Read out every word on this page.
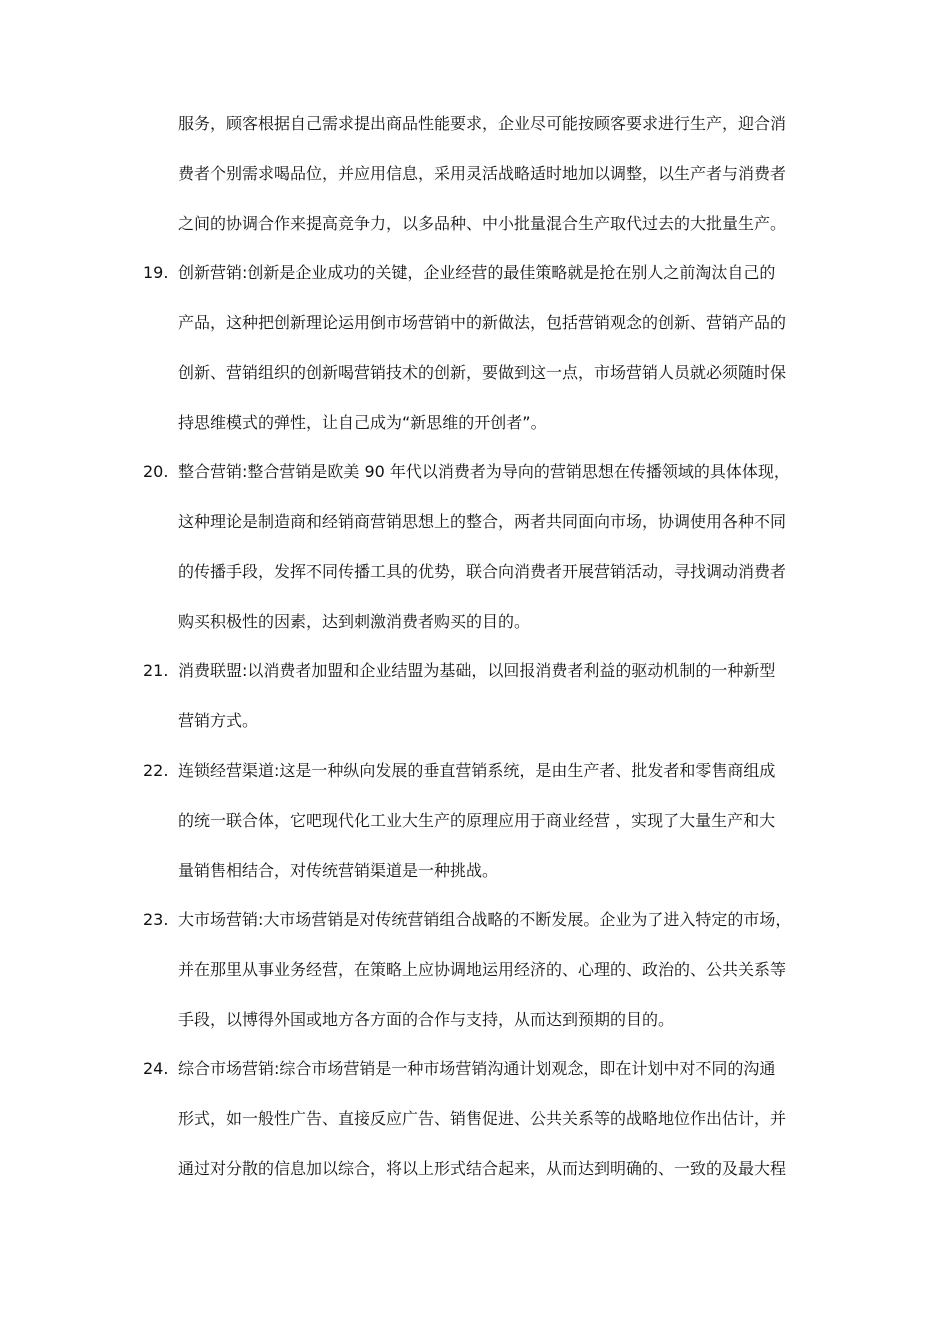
服务，顾客根据自己需求提出商品性能要求，企业尽可能按顾客要求进行生产，迎合消
费者个别需求喝品位，并应用信息，采用灵活战略适时地加以调整，以生产者与消费者
之间的协调合作来提高竞争力，以多品种、中小批量混合生产取代过去的大批量生产。
19. 创新营销:创新是企业成功的关键，企业经营的最佳策略就是抢在别人之前淘汰自己的
产品，这种把创新理论运用倒市场营销中的新做法，包括营销观念的创新、营销产品的
创新、营销组织的创新喝营销技术的创新，要做到这一点，市场营销人员就必须随时保
持思维模式的弹性，让自己成为“新思维的开创者”。
20. 整合营销:整合营销是欧美 90 年代以消费者为导向的营销思想在传播领域的具体体现，
这种理论是制造商和经销商营销思想上的整合，两者共同面向市场，协调使用各种不同
的传播手段，发挥不同传播工具的优势，联合向消费者开展营销活动，寻找调动消费者
购买积极性的因素，达到刺激消费者购买的目的。
21. 消费联盟:以消费者加盟和企业结盟为基础，以回报消费者利益的驱动机制的一种新型
营销方式。
22. 连锁经营渠道:这是一种纵向发展的垂直营销系统，是由生产者、批发者和零售商组成
的统一联合体，它吧现代化工业大生产的原理应用于商业经营 ，实现了大量生产和大
量销售相结合，对传统营销渠道是一种挑战。
23. 大市场营销:大市场营销是对传统营销组合战略的不断发展。企业为了进入特定的市场，
并在那里从事业务经营，在策略上应协调地运用经济的、心理的、政治的、公共关系等
手段，以博得外国或地方各方面的合作与支持，从而达到预期的目的。
24. 综合市场营销:综合市场营销是一种市场营销沟通计划观念，即在计划中对不同的沟通
形式，如一般性广告、直接反应广告、销售促进、公共关系等的战略地位作出估计，并
通过对分散的信息加以综合，将以上形式结合起来，从而达到明确的、一致的及最大程
